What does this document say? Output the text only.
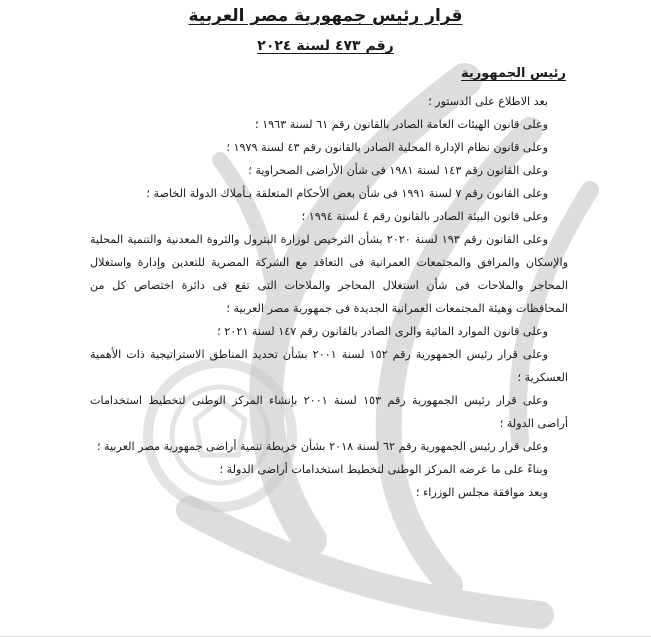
قرار رئيس جمهورية مصر العربية
رقم ٤٧٣ لسنة ٢٠٢٤
رئيس الجمهورية

بعد الاطلاع على الدستور ؛

وعلى قانون الهيئات العامة الصادر بالقانون رقم ٦١ لسنة ١٩٦٣ ؛

وعلى قانون نظام الإدارة المحلية الصادر بالقانون رقم ٤٣ لسنة ١٩٧٩ ؛

وعلى القانون رقم ١٤٣ لسنة ١٩٨١ فى شأن الأراضى الصحراوية ؛

وعلى القانون رقم ٧ لسنة ١٩٩١ فى شأن بعض الأحكام المتعلقة بـأملاك الدولة الخاصة ؛

وعلى قانون البيئة الصادر بالقانون رقم ٤ لسنة ١٩٩٤ ؛

وعلى القانون رقم ١٩٣ لسنة ٢٠٢٠ بشأن الترخيص لوزارة البترول والثروة المعدنية والتنمية المحلية والإسكان والمرافق والمجتمعات العمرانية فى التعاقد مع الشركة المصرية للتعدين وإدارة واستغلال المحاجر والملاحات فى شأن استغلال المحاجر والملاحات التى تقع فى دائرة اختصاص كل من المحافظات وهيئة المجتمعات العمرانية الجديدة فى جمهورية مصر العربية ؛

وعلى قانون الموارد المائية والرى الصادر بالقانون رقم ١٤٧ لسنة ٢٠٢١ ؛

وعلى قرار رئيس الجمهورية رقم ١٥٢ لسنة ٢٠٠١ بشأن تحديد المناطق الاستراتيجية ذات الأهمية العسكرية ؛

وعلى قرار رئيس الجمهورية رقم ١٥٣ لسنة ٢٠٠١ بإنشاء المركز الوطنى لتخطيط استخدامات أراضى الدولة ؛

وعلى قرار رئيس الجمهورية رقم ٦٢ لسنة ٢٠١٨ بشأن خريطة تنمية أراضى جمهورية مصر العربية ؛

وبناءً على ما عرضه المركز الوطنى لتخطيط استخدامات أراضى الدولة ؛

وبعد موافقة مجلس الوزراء ؛
